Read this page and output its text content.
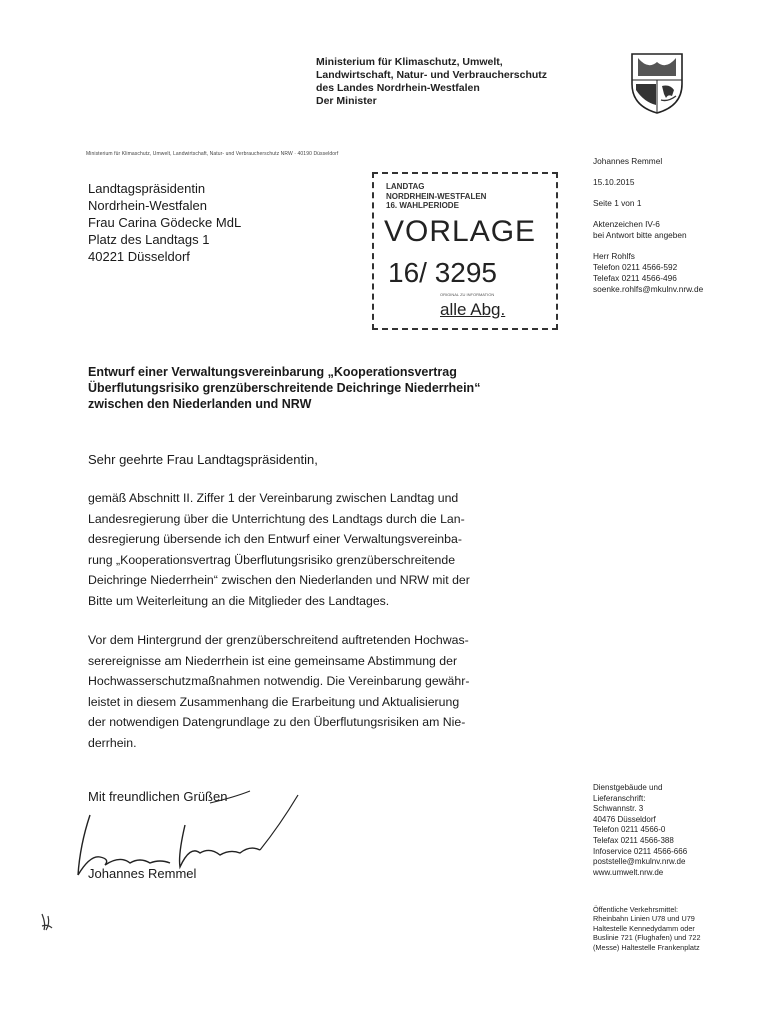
Ministerium für Klimaschutz, Umwelt,
Landwirtschaft, Natur- und Verbraucherschutz
des Landes Nordrhein-Westfalen
Der Minister
Ministerium für Klimaschutz, Umwelt, Landwirtschaft, Natur- und Verbraucherschutz NRW · 40190 Düsseldorf
Landtagspräsidentin
Nordrhein-Westfalen
Frau Carina Gödecke MdL
Platz des Landtags 1
40221 Düsseldorf
LANDTAG
NORDRHEIN-WESTFALEN
16. WAHLPERIODE
VORLAGE
16/ 3295
ORIGINAL ZU INFORMATION
alle Abg.
Johannes Remmel
15.10.2015
Seite 1 von 1
Aktenzeichen IV-6
bei Antwort bitte angeben
Herr Rohlfs
Telefon 0211 4566-592
Telefax 0211 4566-496
soenke.rohlfs@mkulnv.nrw.de
Entwurf einer Verwaltungsvereinbarung „Kooperationsvertrag
Überflutungsrisiko grenzüberschreitende Deichringe Niederrhein“
zwischen den Niederlanden und NRW
Sehr geehrte Frau Landtagspräsidentin,
gemäß Abschnitt II. Ziffer 1 der Vereinbarung zwischen Landtag und
Landesregierung über die Unterrichtung des Landtags durch die Lan-
desregierung übersende ich den Entwurf einer Verwaltungsvereinba-
rung „Kooperationsvertrag Überflutungsrisiko grenzüberschreitende
Deichringe Niederrhein“ zwischen den Niederlanden und NRW mit der
Bitte um Weiterleitung an die Mitglieder des Landtages.
Vor dem Hintergrund der grenzüberschreitend auftretenden Hochwas-
serereignisse am Niederrhein ist eine gemeinsame Abstimmung der
Hochwasserschutzmaßnahmen notwendig. Die Vereinbarung gewähr-
leistet in diesem Zusammenhang die Erarbeitung und Aktualisierung
der notwendigen Datengrundlage zu den Überflutungsrisiken am Nie-
derrhein.
Mit freundlichen Grüßen
Johannes Remmel
Dienstgebäude und
Lieferanschrift:
Schwannstr. 3
40476 Düsseldorf
Telefon 0211 4566-0
Telefax 0211 4566-388
Infoservice 0211 4566-666
poststelle@mkulnv.nrw.de
www.umwelt.nrw.de
Öffentliche Verkehrsmittel:
Rheinbahn Linien U78 und U79
Haltestelle Kennedydamm oder
Buslinie 721 (Flughafen) und 722
(Messe) Haltestelle Frankenplatz
